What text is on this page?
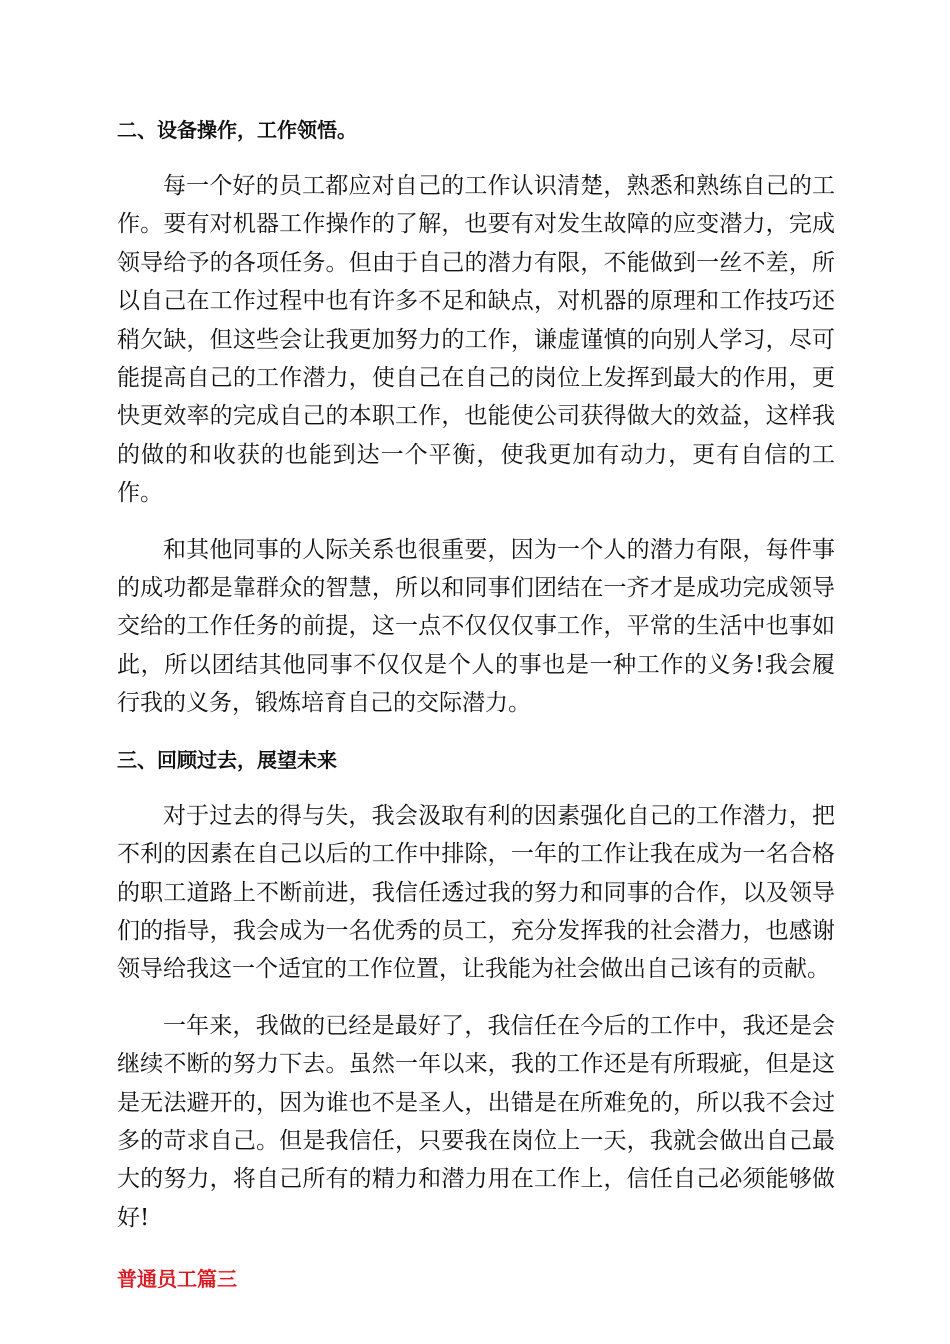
二、设备操作，工作领悟。

每一个好的员工都应对自己的工作认识清楚，熟悉和熟练自己的工作。要有对机器工作操作的了解，也要有对发生故障的应变潜力，完成领导给予的各项任务。但由于自己的潜力有限，不能做到一丝不差，所以自己在工作过程中也有许多不足和缺点，对机器的原理和工作技巧还稍欠缺，但这些会让我更加努力的工作，谦虚谨慎的向别人学习，尽可能提高自己的工作潜力，使自己在自己的岗位上发挥到最大的作用，更快更效率的完成自己的本职工作，也能使公司获得做大的效益，这样我的做的和收获的也能到达一个平衡，使我更加有动力，更有自信的工作。

和其他同事的人际关系也很重要，因为一个人的潜力有限，每件事的成功都是靠群众的智慧，所以和同事们团结在一齐才是成功完成领导交给的工作任务的前提，这一点不仅仅仅事工作，平常的生活中也事如此，所以团结其他同事不仅仅是个人的事也是一种工作的义务!我会履行我的义务，锻炼培育自己的交际潜力。

三、回顾过去，展望未来

对于过去的得与失，我会汲取有利的因素强化自己的工作潜力，把不利的因素在自己以后的工作中排除，一年的工作让我在成为一名合格的职工道路上不断前进，我信任透过我的努力和同事的合作，以及领导们的指导，我会成为一名优秀的员工，充分发挥我的社会潜力，也感谢领导给我这一个适宜的工作位置，让我能为社会做出自己该有的贡献。

一年来，我做的已经是最好了，我信任在今后的工作中，我还是会继续不断的努力下去。虽然一年以来，我的工作还是有所瑕疵，但是这是无法避开的，因为谁也不是圣人，出错是在所难免的，所以我不会过多的苛求自己。但是我信任，只要我在岗位上一天，我就会做出自己最大的努力，将自己所有的精力和潜力用在工作上，信任自己必须能够做好!

普通员工篇三
